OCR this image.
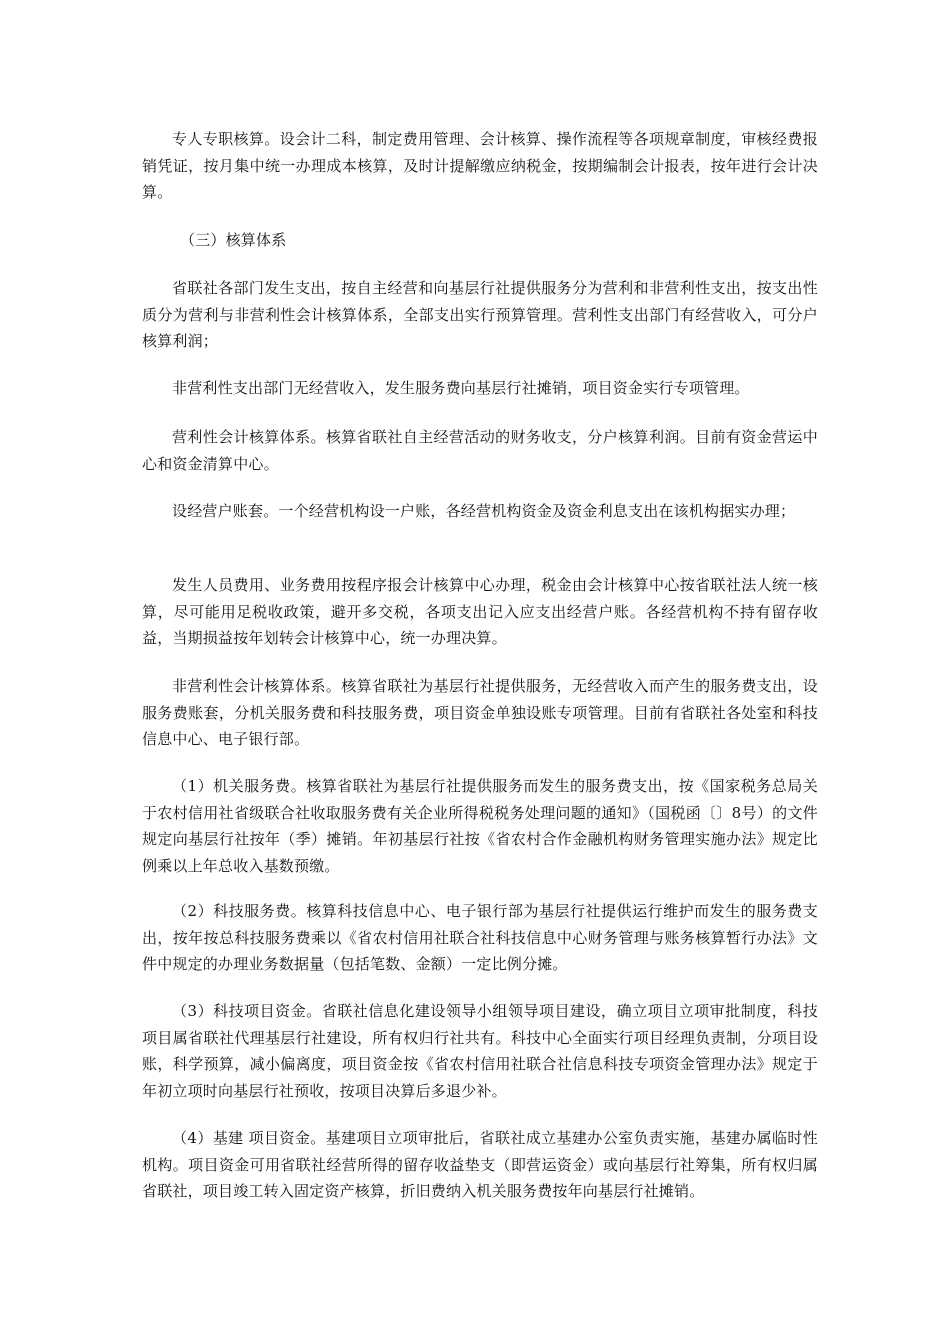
专人专职核算。设会计二科，制定费用管理、会计核算、操作流程等各项规章制度，审核经费报销凭证，按月集中统一办理成本核算，及时计提解缴应纳税金，按期编制会计报表，按年进行会计决算。

（三）核算体系

省联社各部门发生支出，按自主经营和向基层行社提供服务分为营利和非营利性支出，按支出性质分为营利与非营利性会计核算体系，全部支出实行预算管理。营利性支出部门有经营收入，可分户核算利润；

非营利性支出部门无经营收入，发生服务费向基层行社摊销，项目资金实行专项管理。

营利性会计核算体系。核算省联社自主经营活动的财务收支，分户核算利润。目前有资金营运中心和资金清算中心。

设经营户账套。一个经营机构设一户账，各经营机构资金及资金利息支出在该机构据实办理；

发生人员费用、业务费用按程序报会计核算中心办理，税金由会计核算中心按省联社法人统一核算，尽可能用足税收政策，避开多交税，各项支出记入应支出经营户账。各经营机构不持有留存收益，当期损益按年划转会计核算中心，统一办理决算。

非营利性会计核算体系。核算省联社为基层行社提供服务，无经营收入而产生的服务费支出，设服务费账套，分机关服务费和科技服务费，项目资金单独设账专项管理。目前有省联社各处室和科技信息中心、电子银行部。

（1）机关服务费。核算省联社为基层行社提供服务而发生的服务费支出，按《国家税务总局关于农村信用社省级联合社收取服务费有关企业所得税税务处理问题的通知》（国税函〔〕8号）的文件规定向基层行社按年（季）摊销。年初基层行社按《省农村合作金融机构财务管理实施办法》规定比例乘以上年总收入基数预缴。

（2）科技服务费。核算科技信息中心、电子银行部为基层行社提供运行维护而发生的服务费支出，按年按总科技服务费乘以《省农村信用社联合社科技信息中心财务管理与账务核算暂行办法》文件中规定的办理业务数据量（包括笔数、金额）一定比例分摊。

（3）科技项目资金。省联社信息化建设领导小组领导项目建设，确立项目立项审批制度，科技项目属省联社代理基层行社建设，所有权归行社共有。科技中心全面实行项目经理负责制，分项目设账，科学预算，减小偏离度，项目资金按《省农村信用社联合社信息科技专项资金管理办法》规定于年初立项时向基层行社预收，按项目决算后多退少补。

（4）基建 项目资金。基建项目立项审批后，省联社成立基建办公室负责实施，基建办属临时性机构。项目资金可用省联社经营所得的留存收益垫支（即营运资金）或向基层行社筹集，所有权归属省联社，项目竣工转入固定资产核算，折旧费纳入机关服务费按年向基层行社摊销。
